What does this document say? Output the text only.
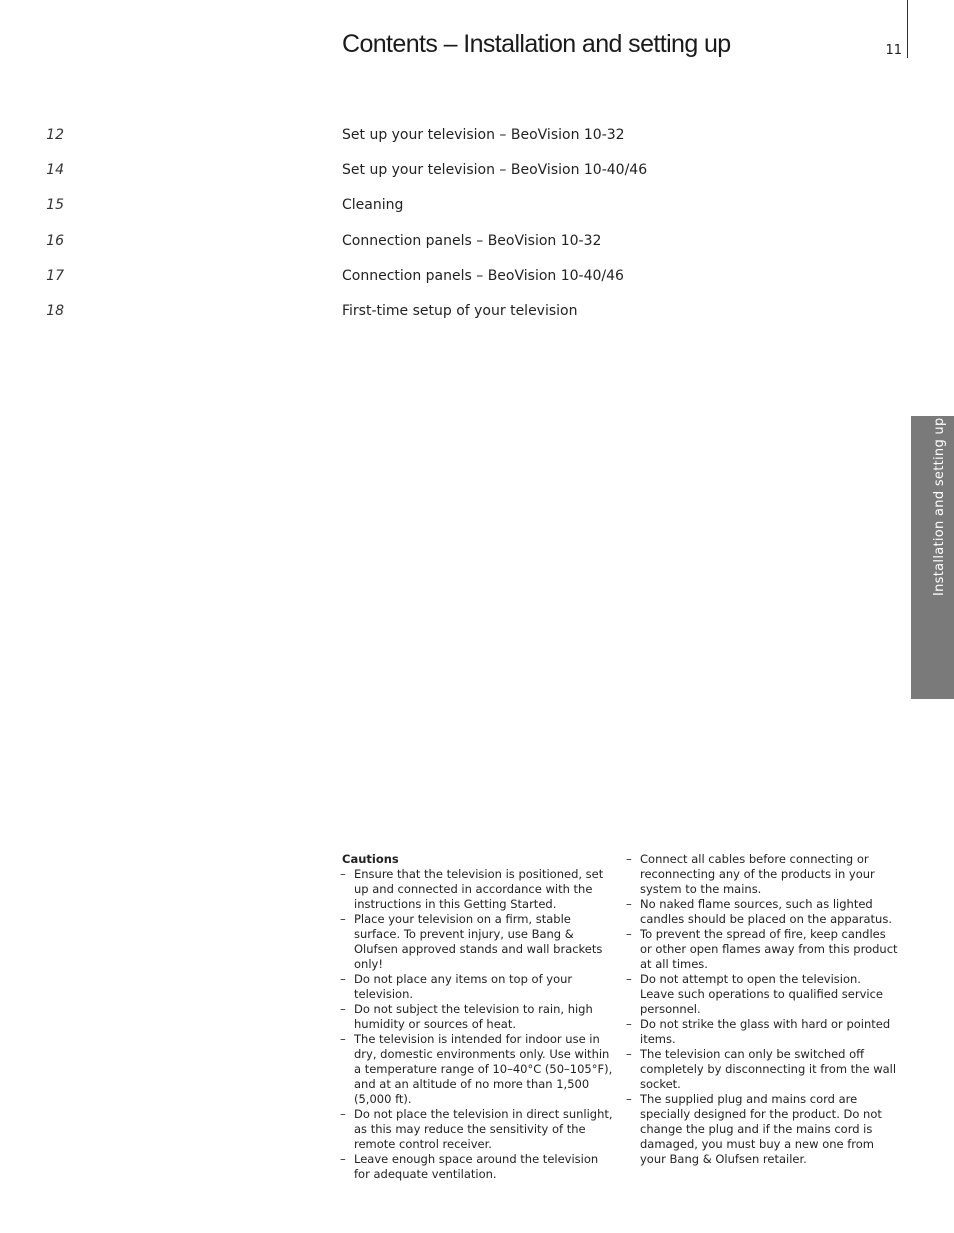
Contents – Installation and setting up	11
12	Set up your television – BeoVision 10-32
14	Set up your television – BeoVision 10-40/46
15	Cleaning
16	Connection panels – BeoVision 10-32
17	Connection panels – BeoVision 10-40/46
18	First-time setup of your television
Installation and setting up
Cautions
– Ensure that the television is positioned, set up and connected in accordance with the instructions in this Getting Started.
– Place your television on a firm, stable surface. To prevent injury, use Bang & Olufsen approved stands and wall brackets only!
– Do not place any items on top of your television.
– Do not subject the television to rain, high humidity or sources of heat.
– The television is intended for indoor use in dry, domestic environments only. Use within a temperature range of 10–40°C (50–105°F), and at an altitude of no more than 1,500 (5,000 ft).
– Do not place the television in direct sunlight, as this may reduce the sensitivity of the remote control receiver.
– Leave enough space around the television for adequate ventilation.
– Connect all cables before connecting or reconnecting any of the products in your system to the mains.
– No naked flame sources, such as lighted candles should be placed on the apparatus.
– To prevent the spread of fire, keep candles or other open flames away from this product at all times.
– Do not attempt to open the television. Leave such operations to qualified service personnel.
– Do not strike the glass with hard or pointed items.
– The television can only be switched off completely by disconnecting it from the wall socket.
– The supplied plug and mains cord are specially designed for the product. Do not change the plug and if the mains cord is damaged, you must buy a new one from your Bang & Olufsen retailer.
